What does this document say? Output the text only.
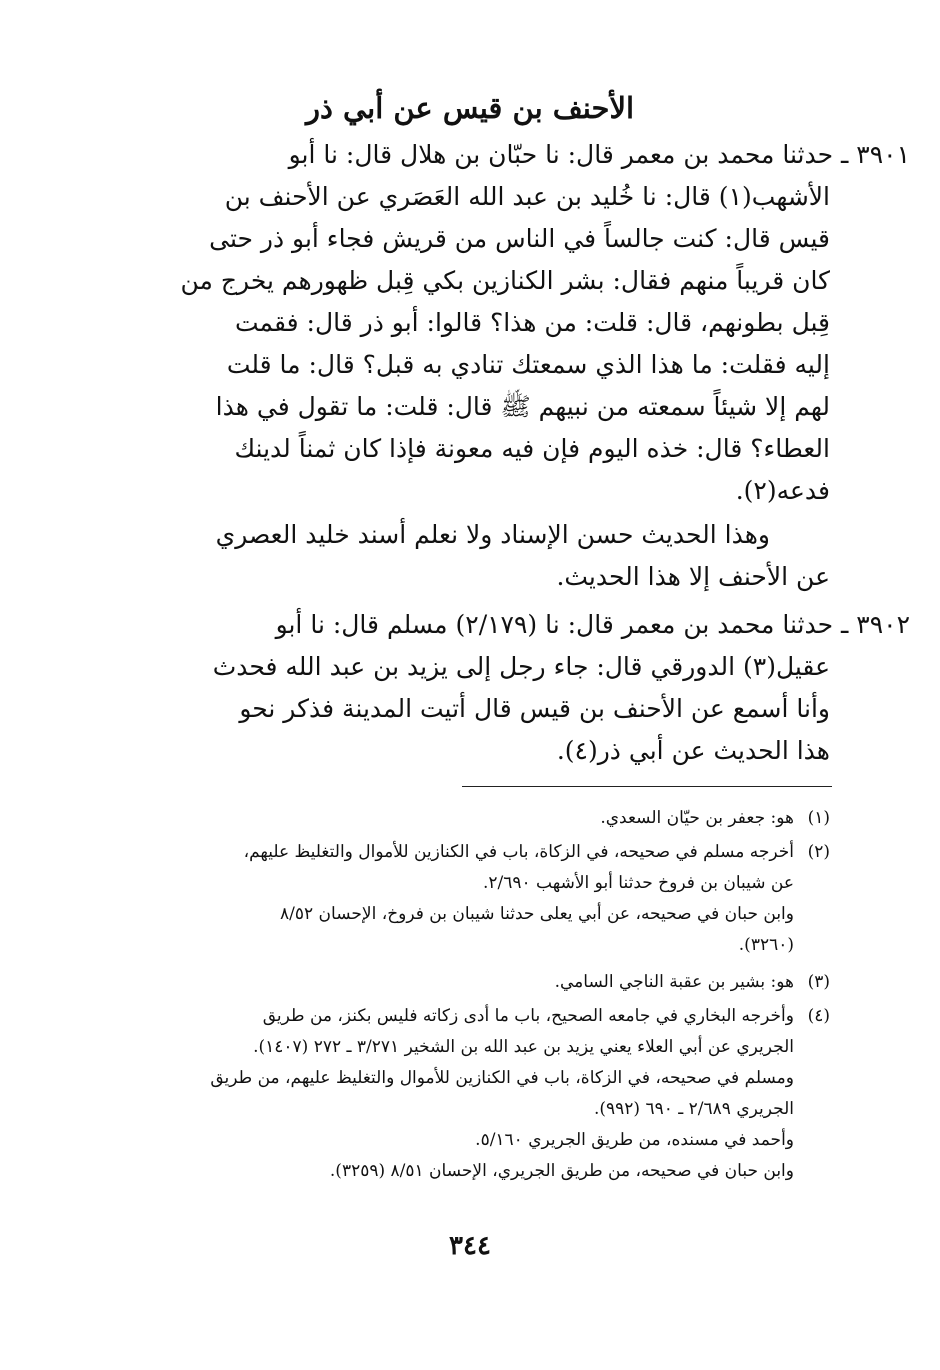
الأحنف بن قيس عن أبي ذر
٣٩٠١ ـ حدثنا محمد بن معمر قال: نا حبّان بن هلال قال: نا أبو
الأشهب(١) قال: نا خُليد بن عبد الله العَصَري عن الأحنف بن
قيس قال: كنت جالساً في الناس من قريش فجاء أبو ذر حتى
كان قريباً منهم فقال: بشر الكنازين بكي قِبل ظهورهم يخرج من
قِبل بطونهم، قال: قلت: من هذا؟ قالوا: أبو ذر قال: فقمت
إليه فقلت: ما هذا الذي سمعتك تنادي به قبل؟ قال: ما قلت
لهم إلا شيئاً سمعته من نبيهم ﷺ قال: قلت: ما تقول في هذا
العطاء؟ قال: خذه اليوم فإن فيه معونة فإذا كان ثمناً لدينك
فدعه(٢).
وهذا الحديث حسن الإسناد ولا نعلم أسند خليد العصري
عن الأحنف إلا هذا الحديث.
٣٩٠٢ ـ حدثنا محمد بن معمر قال: نا (٢/١٧٩) مسلم قال: نا أبو
عقيل(٣) الدورقي قال: جاء رجل إلى يزيد بن عبد الله فحدث
وأنا أسمع عن الأحنف بن قيس قال أتيت المدينة فذكر نحو
هذا الحديث عن أبي ذر(٤).
(١)
هو: جعفر بن حيّان السعدي.
(٢)
أخرجه مسلم في صحيحه، في الزكاة، باب في الكنازين للأموال والتغليظ عليهم،
عن شيبان بن فروخ حدثنا أبو الأشهب ٢/٦٩٠.
وابن حبان في صحيحه، عن أبي يعلى حدثنا شيبان بن فروخ، الإحسان ٨/٥٢
(٣٢٦٠).
(٣)
هو: بشير بن عقبة الناجي السامي.
(٤)
وأخرجه البخاري في جامعه الصحيح، باب ما أدى زكاته فليس بكنز، من طريق
الجريري عن أبي العلاء يعني يزيد بن عبد الله بن الشخير ٣/٢٧١ ـ ٢٧٢ (١٤٠٧).
ومسلم في صحيحه، في الزكاة، باب في الكنازين للأموال والتغليظ عليهم، من طريق
الجريري ٢/٦٨٩ ـ ٦٩٠ (٩٩٢).
وأحمد في مسنده، من طريق الجريري ٥/١٦٠.
وابن حبان في صحيحه، من طريق الجريري، الإحسان ٨/٥١ (٣٢٥٩).
٣٤٤
